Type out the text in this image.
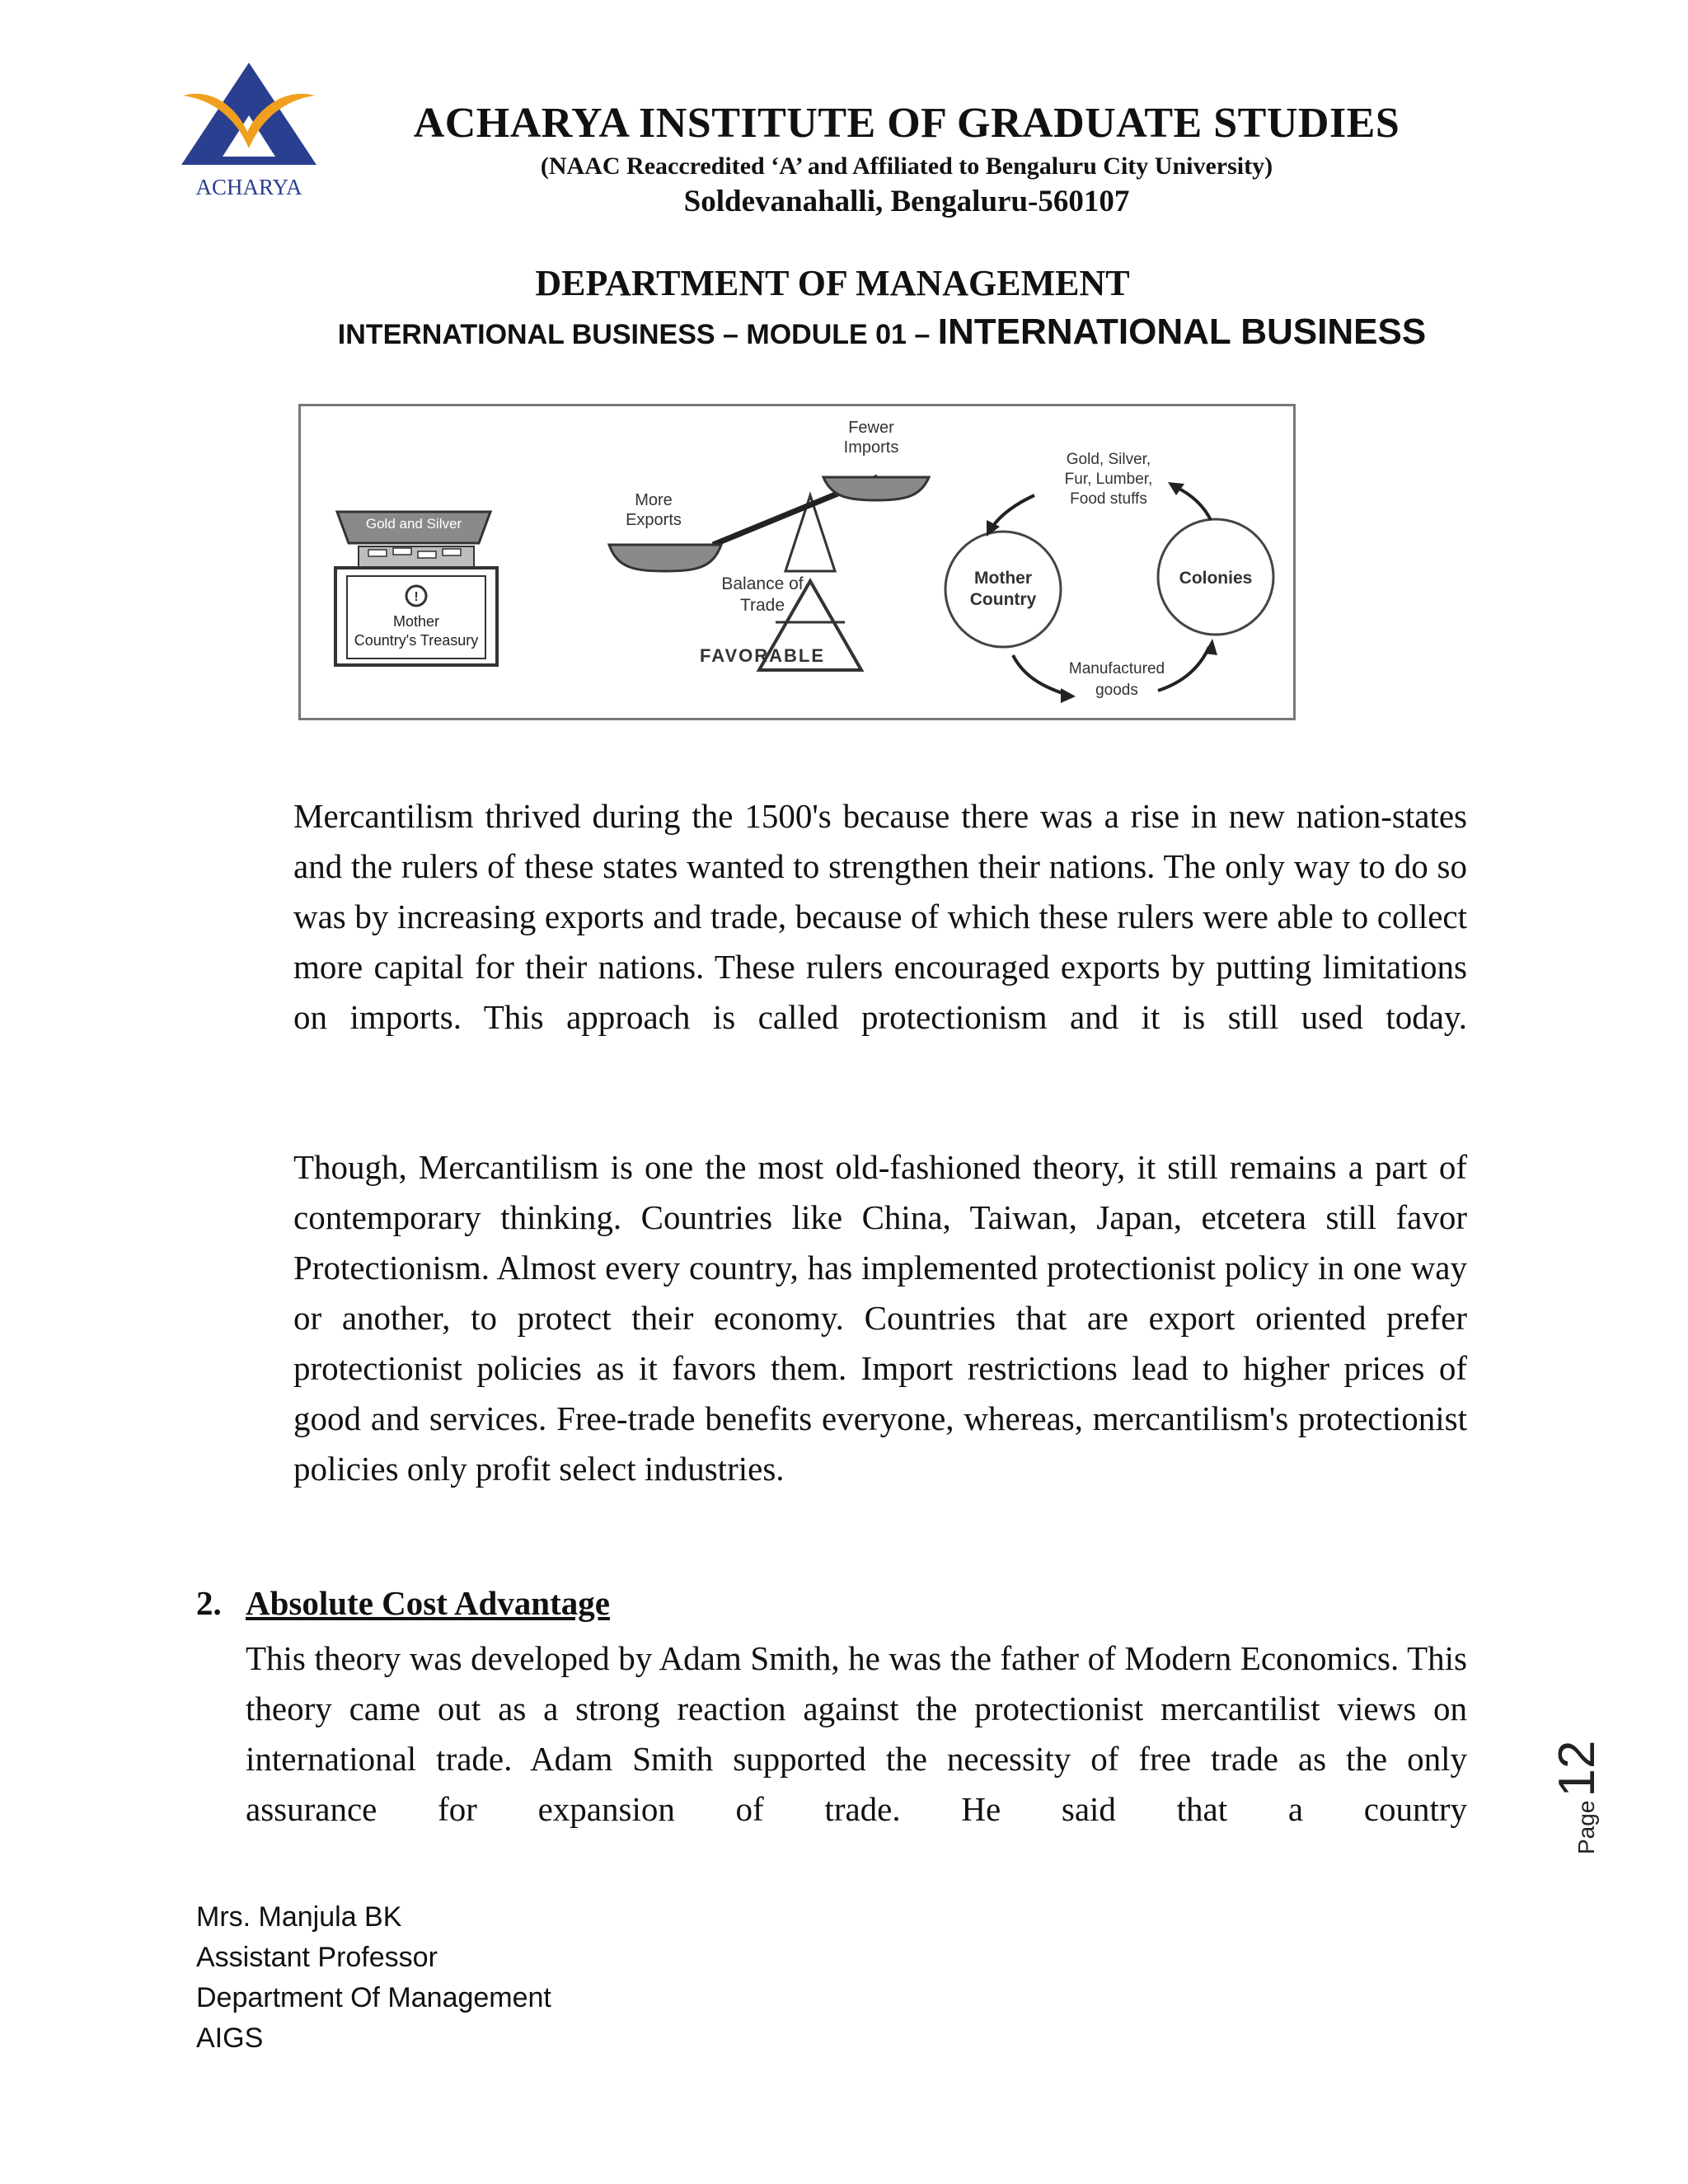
ACHARYA
ACHARYA INSTITUTE OF GRADUATE STUDIES
(NAAC Reaccredited ‘A’ and Affiliated to Bengaluru City University)
Soldevanahalli, Bengaluru-560107
DEPARTMENT OF MANAGEMENT
INTERNATIONAL BUSINESS – MODULE 01 – INTERNATIONAL BUSINESS
Gold and Silver
!
Mother
Country's Treasury
Fewer
Imports
More
Exports
Balance of
Trade
FAVORABLE
Gold, Silver,
Fur, Lumber,
Food stuffs
Mother
Country
Colonies
Manufactured
goods
Mercantilism thrived during the 1500's because there was a rise in new nation-states and the rulers of these states wanted to strengthen their nations. The only way to do so was by increasing exports and trade, because of which these rulers were able to collect more capital for their nations. These rulers encouraged exports by putting limitations on imports. This approach is called protectionism and it is still used today.
Though, Mercantilism is one the most old-fashioned theory, it still remains a part of contemporary thinking. Countries like China, Taiwan, Japan, etcetera still favor Protectionism. Almost every country, has implemented protectionist policy in one way or another, to protect their economy. Countries that are export oriented prefer protectionist policies as it favors them. Import restrictions lead to higher prices of good and services. Free-trade benefits everyone, whereas, mercantilism's protectionist policies only profit select industries.
2. Absolute Cost Advantage
This theory was developed by Adam Smith, he was the father of Modern Economics. This theory came out as a strong reaction against the protectionist mercantilist views on international trade. Adam Smith supported the necessity of free trade as the only assurance for expansion of trade. He said that a country	Page12
Mrs. Manjula BK
Assistant Professor
Department Of Management
AIGS
